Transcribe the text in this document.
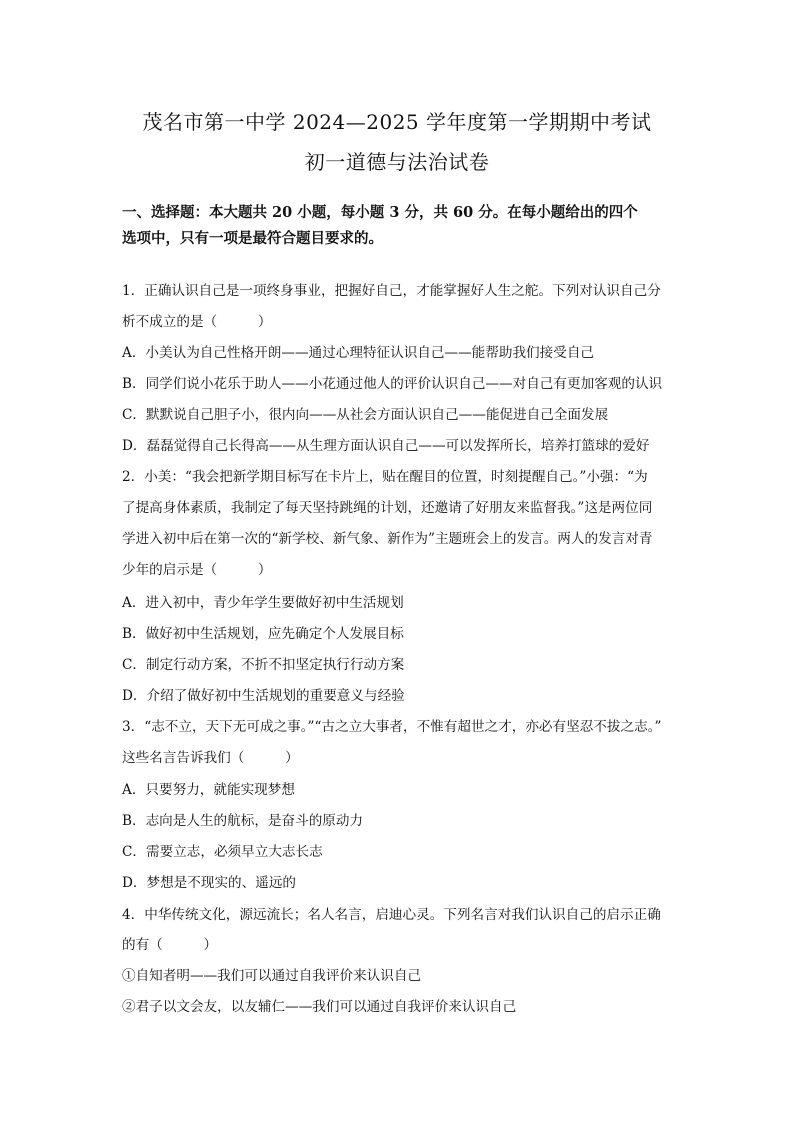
茂名市第一中学 2024—2025 学年度第一学期期中考试
初一道德与法治试卷

一、选择题：本大题共 20 小题，每小题 3 分，共 60 分。在每小题给出的四个
选项中，只有一项是最符合题目要求的。

1．正确认识自己是一项终身事业，把握好自己，才能掌握好人生之舵。下列对认识自己分

析不成立的是（　　　）

A．小美认为自己性格开朗——通过心理特征认识自己——能帮助我们接受自己

B．同学们说小花乐于助人——小花通过他人的评价认识自己——对自己有更加客观的认识

C．默默说自己胆子小，很内向——从社会方面认识自己——能促进自己全面发展

D．磊磊觉得自己长得高——从生理方面认识自己——可以发挥所长，培养打篮球的爱好

2．小美：“我会把新学期目标写在卡片上，贴在醒目的位置，时刻提醒自己。”小强：“为

了提高身体素质，我制定了每天坚持跳绳的计划，还邀请了好朋友来监督我。”这是两位同

学进入初中后在第一次的“新学校、新气象、新作为”主题班会上的发言。两人的发言对青

少年的启示是（　　　）

A．进入初中，青少年学生要做好初中生活规划

B．做好初中生活规划，应先确定个人发展目标

C．制定行动方案，不折不扣坚定执行行动方案

D．介绍了做好初中生活规划的重要意义与经验

3．“志不立，天下无可成之事。”“古之立大事者，不惟有超世之才，亦必有坚忍不拔之志。”

这些名言告诉我们（　　　）

A．只要努力，就能实现梦想

B．志向是人生的航标，是奋斗的原动力

C．需要立志，必须早立大志长志

D．梦想是不现实的、遥远的

4．中华传统文化，源远流长；名人名言，启迪心灵。下列名言对我们认识自己的启示正确

的有（　　　）

①自知者明——我们可以通过自我评价来认识自己

②君子以文会友，以友辅仁——我们可以通过自我评价来认识自己
